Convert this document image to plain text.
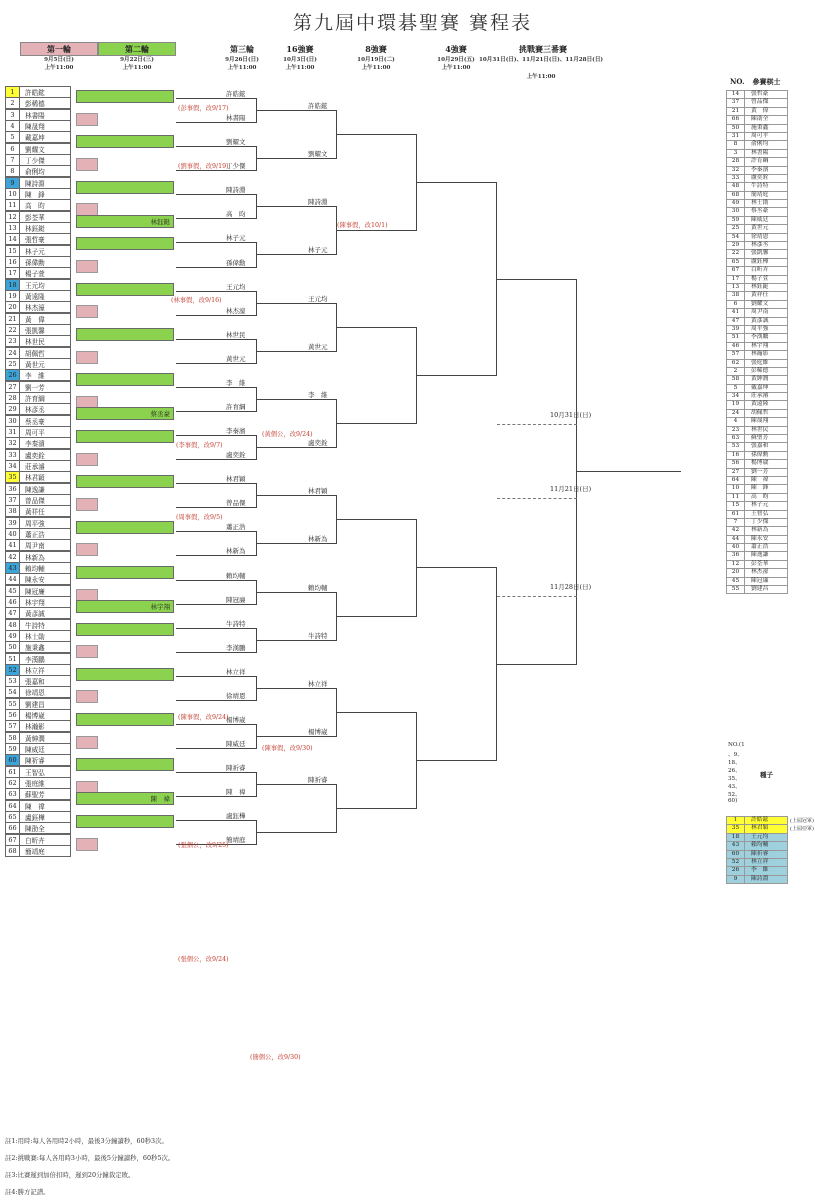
第九屆中環碁聖賽 賽程表
第一輪
9月5日(日)
上午11:00
第二輪
9月22日(三)
上午11:00
第三輪
9月26日(日)
上午11:00
16強賽
10月3日(日)
上午11:00
8強賽
10月19日(二)
上午11:00
4強賽
10月29日(五)
上午11:00
挑戰賽三番賽
10月31日(日)、11月21日(日)、11月28日(日)
上午11:00
1	許皓鋐
2	彭稀德
3	林書陽
4	陳晟翔
5	戴嘉坤
6	劉耀文
7	丁少傑
8	俞俐均
9	陳詩淵
10	陳　鋒
11	高　昀
12	彭荃華
13	林鈺鋌
14	張哲豪
15	林子元
16	孫偉勳
17	楊子萱
18	王元均
19	黃遠隆
20	林杰濠
21	黃　偉
22	張凱馨
23	林世民
24	胡佩哲
25	黃世元
26	李　維
27	劉一芳
28	許育綱
29	林彥丞
30	蔡丞豪
31	周可平
32	李秦濱
33	盧奕銓
34	莊承濬
35	林君穎
36	陳逸謙
37	曾品傑
38	黃祥任
39	周平強
40	蕭正浩
41	周尹南
42	林新為
43	賴均輔
44	陳永安
45	陳冠廉
46	林宇翔
47	黃彥誠
48	牛詩特
49	林士勛
50	施秉鑫
51	李漢鵬
52	林立祥
53	張嘉和
54	徐靖恩
55	劉建昌
56	楊博崴
57	林瀚影
58	黃紳潤
59	陳威廷
60	陳祈睿
61	王智弘
62	張庭維
63	蘇聖芳
64	陳　禕
65	盧鈺樺
66	陳劭全
67	白昕卉
68	簡靖庭
林鈺鋌
蔡丞豪
林宇翔
陳　禕
許皓鋐
林書陽
劉耀文
丁少傑
陳詩淵
高　昀
林子元
孫偉勳
王元均
林杰濠
林世民
黃世元
李　維
許育綱
李秦濱
盧奕銓
林君穎
曾品傑
蕭正浩
林新為
賴均輔
陳冠廉
牛詩特
李漢鵬
林立祥
徐靖恩
楊博崴
陳威廷
陳祈睿
陳　禕
盧鈺樺
簡靖庭
許皓鋐
劉耀文
陳詩淵
林子元
王元均
黃世元
李　維
盧奕銓
林君穎
林新為
賴均輔
牛詩特
林立祥
楊博崴
陳祈睿
10月31日(日)
11月21日(日)
11月28日(日)
(彭事假，改9/17)
(劉事假，改9/19)
(陳事假，改10/1)
(林事假，改9/16)
(李事假，改9/7)
(黃個公，改9/24)
(周事假，改9/5)
(陳事假，改9/24)
(陳事假，改9/30)
(張個公，改9/25)
(張個公，改9/24)
(簡個公，改9/30)
NO. 參賽棋士
14	張哲豪
37	曾品傑
21	黃　偉
66	陳劭全
50	施秉鑫
31	周可平
8	俞俐均
3	林書陽
28	許育綱
32	李秦濱
33	盧奕銓
48	牛詩特
68	簡靖庭
49	林士勛
30	蔡丞豪
59	陳威廷
25	黃世元
54	徐靖恩
29	林彥丞
22	張凱馨
65	盧鈺樺
67	白昕卉
17	楊子萱
13	林鈺鋌
38	黃祥任
6	劉耀文
41	周尹南
47	黃彥誠
39	周平強
51	李漢鵬
46	林宇翔
57	林瀚影
62	張庭維
2	彭稀德
58	黃紳潤
5	戴嘉坤
34	莊承濬
19	黃遠隆
24	胡佩哲
4	陳晟翔
23	林世民
63	蘇聖芳
53	張嘉和
16	孫偉勳
56	楊博崴
27	劉一芳
64	陳　禕
10	陳　鋒
11	高　昀
15	林子元
61	王智弘
7	丁少傑
42	林新為
44	陳永安
40	蕭正浩
36	陳逸謙
12	彭荃華
20	林杰濠
45	陳冠廉
55	劉建昌
NO.(1
、9、
18、
26、
35、
43、
52、
60)
種子
1	許皓鋐
35	林君穎
18	王元均
43	賴均輔
60	陳祈睿
52	林立祥
26	李　維
9	陳詩淵
(上屆冠軍)
(上屆亞軍)
註1:用時:每人各用時2小時，最後3分鐘讀秒，60秒3次。
註2:挑戰賽:每人各用時3小時，最後5分鐘讀秒，60秒5次。
註3:比賽遲到加倍扣時，遲到20分鐘裁定敗。
註4:勝方記譜。
